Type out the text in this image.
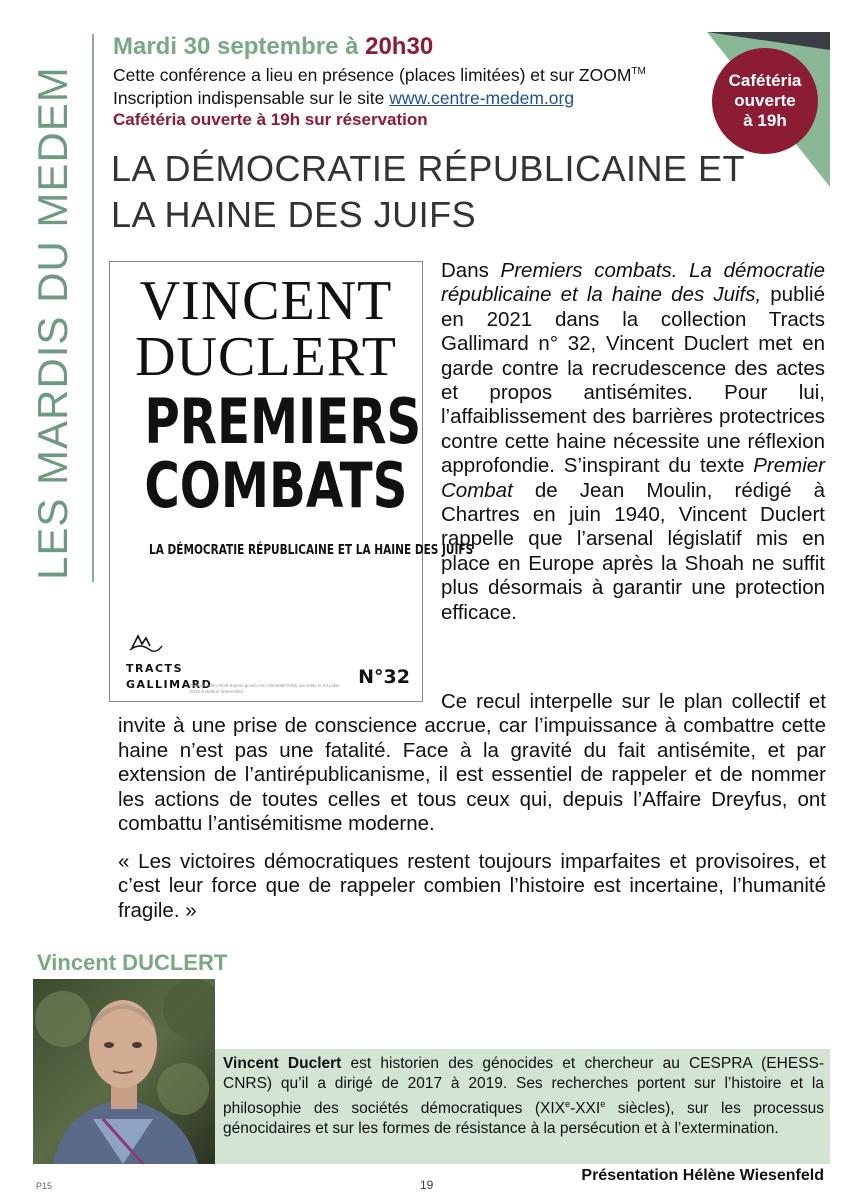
LES MARDIS DU MEDEM
Mardi 30 septembre à 20h30
Cette conférence a lieu en présence (places limitées) et sur ZOOM™
Inscription indispensable sur le site www.centre-medem.org
Cafétéria ouverte à 19h sur réservation
Cafétéria
ouverte
à 19h
LA DÉMOCRATIE RÉPUBLICAINE ET
LA HAINE DES JUIFS
VINCENT
DUCLERT
PREMIERS
COMBATS
LA DÉMOCRATIE RÉPUBLICAINE ET LA HAINE DES JUIFS
TRACTS
GALLIMARD	N°32
Licence eden-3049-frojeris-gmail-com-729468672266 accordée le 03 juillet 2025 à Hélène Wiesenfeld
Dans Premiers combats. La démocratie républicaine et la haine des Juifs, publié en 2021 dans la collection Tracts Gallimard n° 32, Vincent Duclert met en garde contre la recrudescence des actes et propos antisémites. Pour lui, l’affaiblissement des barrières protectrices contre cette haine nécessite une réflexion approfondie. S’inspirant du texte Premier Combat de Jean Moulin, rédigé à Chartres en juin 1940, Vincent Duclert rappelle que l’arsenal législatif mis en place en Europe après la Shoah ne suffit plus désormais à garantir une protection efficace.
Ce recul interpelle sur le plan collectif et invite à une prise de conscience accrue, car l’impuissance à combattre cette haine n’est pas une fatalité. Face à la gravité du fait antisémite, et par extension de l’antirépublicanisme, il est essentiel de rappeler et de nommer les actions de toutes celles et tous ceux qui, depuis l’Affaire Dreyfus, ont combattu l’antisémitisme moderne.
« Les victoires démocratiques restent toujours imparfaites et provisoires, et c’est leur force que de rappeler combien l’histoire est incertaine, l’humanité fragile. »
Vincent DUCLERT
Vincent Duclert est historien des génocides et chercheur au CESPRA (EHESS-CNRS) qu’il a dirigé de 2017 à 2019. Ses recherches portent sur l’histoire et la philosophie des sociétés démocratiques (XIXe-XXIe siècles), sur les processus génocidaires et sur les formes de résistance à la persécution et à l’extermination.
Présentation Hélène Wiesenfeld
P15	19
